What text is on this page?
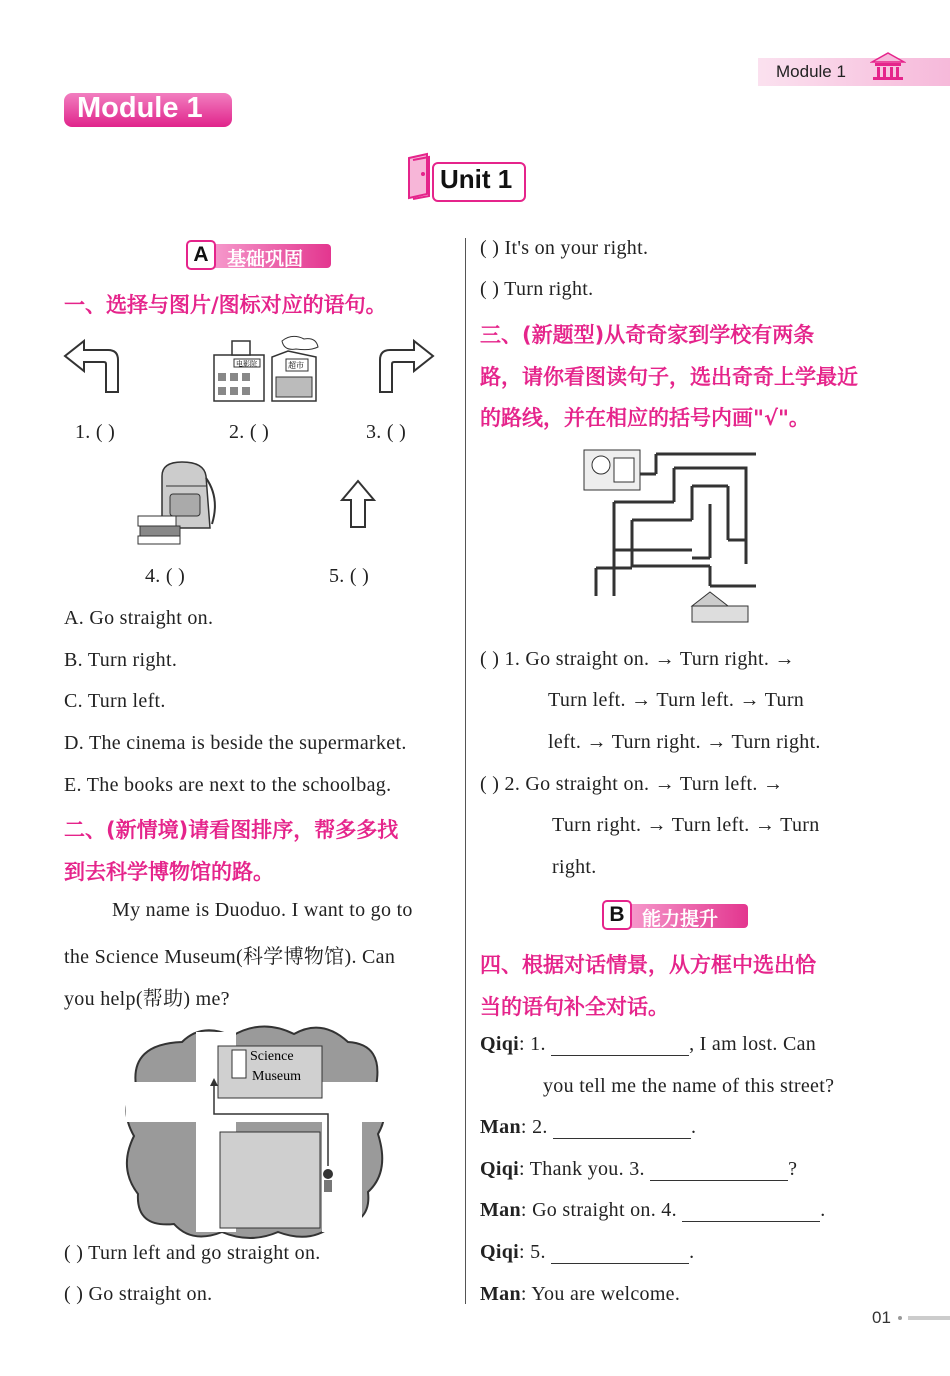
Module 1
Module 1
Unit 1
A 基础巩固
一、选择与图片/图标对应的语句。
电影院	超市
1. ( )	2. ( )	3. ( )
4. ( )	5. ( )
A. Go straight on.
B. Turn right.
C. Turn left.
D. The cinema is beside the supermarket.
E. The books are next to the schoolbag.
二、(新情境)请看图排序，帮多多找
到去科学博物馆的路。
My name is Duoduo. I want to go to
the Science Museum(科学博物馆). Can
you help(帮助) me?
Science
Museum
( ) Turn left and go straight on.
( ) Go straight on.
( ) It's on your right.
( ) Turn right.
三、(新题型)从奇奇家到学校有两条
路，请你看图读句子，选出奇奇上学最近
的路线，并在相应的括号内画"√"。
( ) 1. Go straight on. → Turn right. →
Turn left. → Turn left. → Turn
left. → Turn right. → Turn right.
( ) 2. Go straight on. → Turn left. →
Turn right. → Turn left. → Turn
right.
B 能力提升
四、根据对话情景，从方框中选出恰
当的语句补全对话。
Qiqi: 1.	, I am lost. Can
you tell me the name of this street?
Man: 2.	.
Qiqi: Thank you. 3.	?
Man: Go straight on. 4.	.
Qiqi: 5.	.
Man: You are welcome.
01
